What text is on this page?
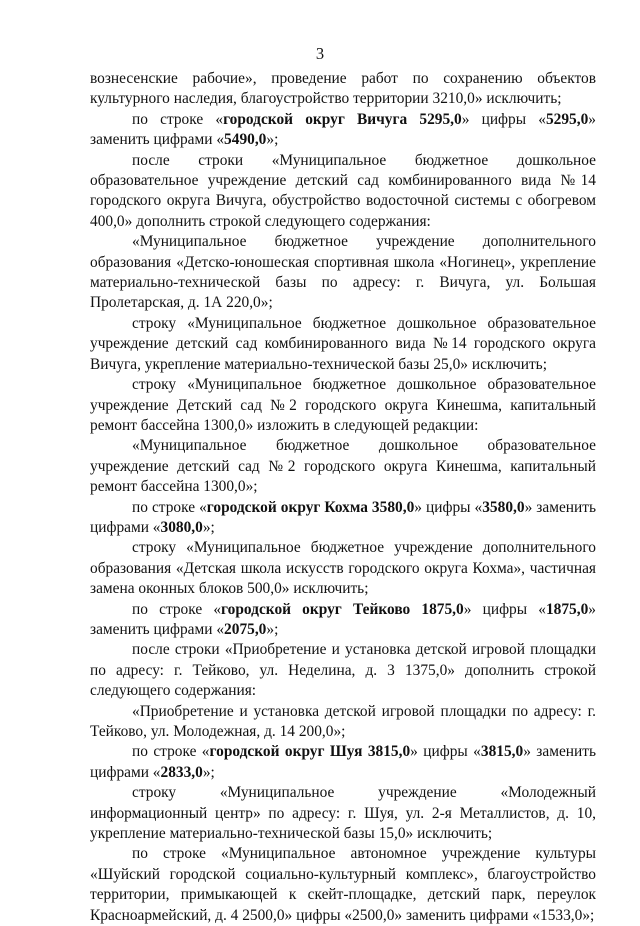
3

вознесенские рабочие», проведение работ по сохранению объектов культурного наследия, благоустройство территории 3210,0» исключить;

по строке «городской округ Вичуга 5295,0» цифры «5295,0» заменить цифрами «5490,0»;

после строки «Муниципальное бюджетное дошкольное образовательное учреждение детский сад комбинированного вида №14 городского округа Вичуга, обустройство водосточной системы с обогревом 400,0» дополнить строкой следующего содержания:

«Муниципальное бюджетное учреждение дополнительного образования «Детско-юношеская спортивная школа «Ногинец», укрепление материально-технической базы по адресу: г. Вичуга, ул. Большая Пролетарская, д. 1А 220,0»;

строку «Муниципальное бюджетное дошкольное образовательное учреждение детский сад комбинированного вида №14 городского округа Вичуга, укрепление материально-технической базы 25,0» исключить;

строку «Муниципальное бюджетное дошкольное образовательное учреждение Детский сад №2 городского округа Кинешма, капитальный ремонт бассейна 1300,0» изложить в следующей редакции:

«Муниципальное бюджетное дошкольное образовательное учреждение детский сад №2 городского округа Кинешма, капитальный ремонт бассейна 1300,0»;

по строке «городской округ Кохма 3580,0» цифры «3580,0» заменить цифрами «3080,0»;

строку «Муниципальное бюджетное учреждение дополнительного образования «Детская школа искусств городского округа Кохма», частичная замена оконных блоков 500,0» исключить;

по строке «городской округ Тейково 1875,0» цифры «1875,0» заменить цифрами «2075,0»;

после строки «Приобретение и установка детской игровой площадки по адресу: г. Тейково, ул. Неделина, д. 3 1375,0» дополнить строкой следующего содержания:

«Приобретение и установка детской игровой площадки по адресу: г. Тейково, ул. Молодежная, д. 14 200,0»;

по строке «городской округ Шуя 3815,0» цифры «3815,0» заменить цифрами «2833,0»;

строку «Муниципальное учреждение «Молодежный информационный центр» по адресу: г. Шуя, ул. 2-я Металлистов, д. 10, укрепление материально-технической базы 15,0» исключить;

по строке «Муниципальное автономное учреждение культуры «Шуйский городской социально-культурный комплекс», благоустройство территории, примыкающей к скейт-площадке, детский парк, переулок Красноармейский, д. 4 2500,0» цифры «2500,0» заменить цифрами «1533,0»;
